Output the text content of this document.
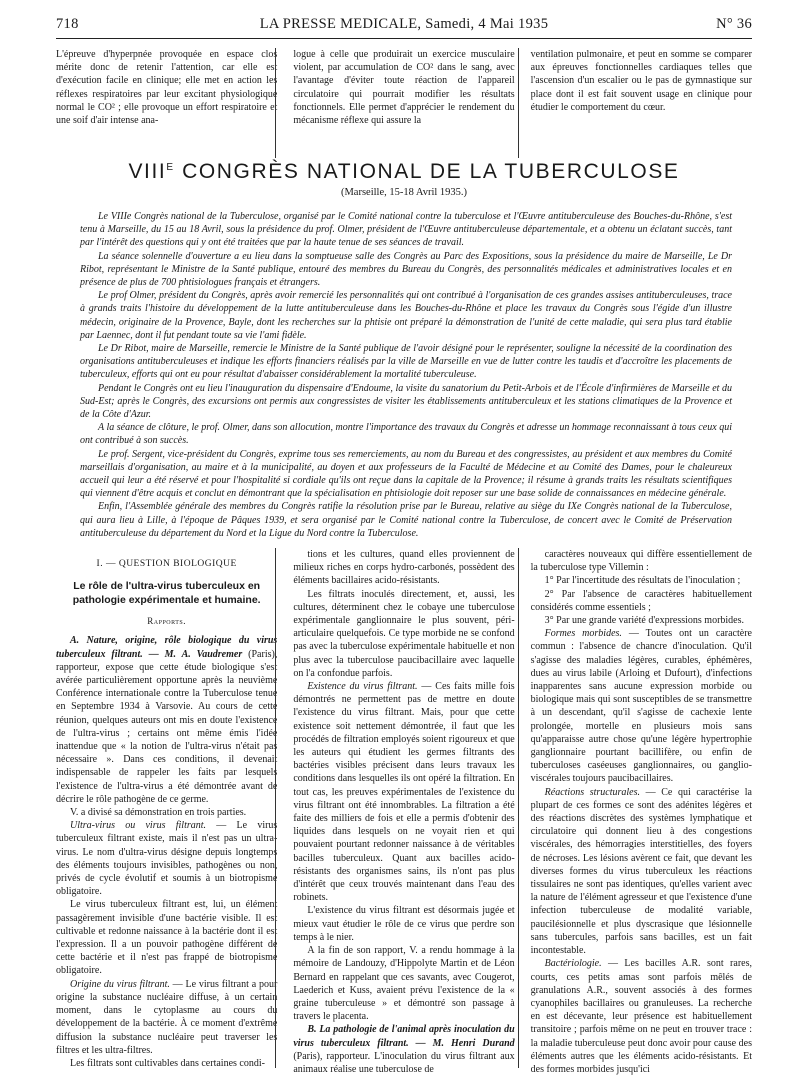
718	LA PRESSE MEDICALE, Samedi, 4 Mai 1935	N° 36
L'épreuve d'hyperpnée provoquée en espace clos mérite donc de retenir l'attention, car elle est d'exécution facile en clinique; elle met en action les réflexes respiratoires par leur excitant physiologique normal le CO² ; elle provoque un effort respiratoire et une soif d'air intense ana-
logue à celle que produirait un exercice musculaire violent, par accumulation de CO² dans le sang, avec l'avantage d'éviter toute réaction de l'appareil circulatoire qui pourrait modifier les résultats fonctionnels. Elle permet d'apprécier le rendement du mécanisme réflexe qui assure la
ventilation pulmonaire, et peut en somme se comparer aux épreuves fonctionnelles cardiaques telles que l'ascension d'un escalier ou le pas de gymnastique sur place dont il est fait souvent usage en clinique pour étudier le comportement du cœur.
$VIII^E$ CONGRÈS NATIONAL DE LA TUBERCULOSE
(Marseille, 15-18 Avril 1935.)

Le VIIIe Congrès national de la Tuberculose, organisé par le Comité national contre la tuberculose et l'Œuvre antituberculeuse des Bouches-du-Rhône, s'est tenu à Marseille, du 15 au 18 Avril, sous la présidence du prof. Olmer, président de l'Œuvre antituberculeuse départementale, et a obtenu un éclatant succès, tant par l'intérêt des questions qui y ont été traitées que par la haute tenue de ses séances de travail.

La séance solennelle d'ouverture a eu lieu dans la somptueuse salle des Congrès au Parc des Expositions, sous la présidence du maire de Marseille, Le Dr Ribot, représentant le Ministre de la Santé publique, entouré des membres du Bureau du Congrès, des personnalités médicales et administratives locales et en présence de plus de 700 phtisiologues français et étrangers.

Le prof Olmer, président du Congrès, après avoir remercié les personnalités qui ont contribué à l'organisation de ces grandes assises antituberculeuses, trace à grands traits l'histoire du développement de la lutte antituberculeuse dans les Bouches-du-Rhône et place les travaux du Congrès sous l'égide d'un illustre médecin, originaire de la Provence, Bayle, dont les recherches sur la phtisie ont préparé la démonstration de l'unité de cette maladie, qui sera plus tard établie par Laennec, dont il fut pendant toute sa vie l'ami fidèle.

Le Dr Ribot, maire de Marseille, remercie le Ministre de la Santé publique de l'avoir désigné pour le représenter, souligne la nécessité de la coordination des organisations antituberculeuses et indique les efforts financiers réalisés par la ville de Marseille en vue de lutter contre les taudis et d'accroître les placements de tuberculeux, efforts qui ont eu pour résultat d'abaisser considérablement la mortalité tuberculeuse.

Pendant le Congrès ont eu lieu l'inauguration du dispensaire d'Endoume, la visite du sanatorium du Petit-Arbois et de l'École d'infirmières de Marseille et du Sud-Est; après le Congrès, des excursions ont permis aux congressistes de visiter les établissements antituberculeux et les stations climatiques de la Provence et de la Côte d'Azur.

A la séance de clôture, le prof. Olmer, dans son allocution, montre l'importance des travaux du Congrès et adresse un hommage reconnaissant à tous ceux qui ont contribué à son succès.

Le prof. Sergent, vice-président du Congrès, exprime tous ses remerciements, au nom du Bureau et des congressistes, au président et aux membres du Comité marseillais d'organisation, au maire et à la municipalité, au doyen et aux professeurs de la Faculté de Médecine et au Comité des Dames, pour le chaleureux accueil qui leur a été réservé et pour l'hospitalité si cordiale qu'ils ont reçue dans la capitale de la Provence; il résume à grands traits les résultats scientifiques qui viennent d'être acquis et conclut en démontrant que la spécialisation en phtisiologie doit reposer sur une base solide de connaissances en médecine générale.

Enfin, l'Assemblée générale des membres du Congrès ratifie la résolution prise par le Bureau, relative au siège du IXe Congrès national de la Tuberculose, qui aura lieu à Lille, à l'époque de Pâques 1939, et sera organisé par le Comité national contre la Tuberculose, de concert avec le Comité de Préservation antituberculeuse du département du Nord et la Ligue du Nord contre la Tuberculose.

I. — QUESTION BIOLOGIQUE
Le rôle de l'ultra-virus tuberculeux en pathologie expérimentale et humaine.
Rapports.

A. Nature, origine, rôle biologique du virus tuberculeux filtrant. — M. A. Vaudremer (Paris), rapporteur, expose que cette étude biologique s'est avérée particulièrement opportune après la neuvième Conférence internationale contre la Tuberculose tenue en Septembre 1934 à Varsovie. Au cours de cette réunion, quelques auteurs ont mis en doute l'existence de l'ultra-virus ; certains ont même émis l'idée inattendue que « la notion de l'ultra-virus n'était pas nécessaire ». Dans ces conditions, il devenait indispensable de rappeler les faits par lesquels l'existence de l'ultra-virus a été démontrée avant de décrire le rôle pathogène de ce germe.

V. a divisé sa démonstration en trois parties.

Ultra-virus ou virus filtrant. — Le virus tuberculeux filtrant existe, mais il n'est pas un ultra-virus. Le nom d'ultra-virus désigne depuis longtemps des éléments toujours invisibles, pathogènes ou non, privés de cycle évolutif et soumis à un biotropisme obligatoire.

Le virus tuberculeux filtrant est, lui, un élément passagèrement invisible d'une bactérie visible. Il est cultivable et redonne naissance à la bactérie dont il est l'expression. Il a un pouvoir pathogène différent de cette bactérie et il n'est pas frappé de biotropisme obligatoire.

Origine du virus filtrant. — Le virus filtrant a pour origine la substance nucléaire diffuse, à un certain moment, dans le cytoplasme au cours du développement de la bactérie. À ce moment d'extrême diffusion la substance nucléaire peut traverser les filtres et les ultra-filtres.

Les filtrats sont cultivables dans certaines condi-

tions et les cultures, quand elles proviennent de milieux riches en corps hydro-carbonés, possèdent des éléments bacillaires acido-résistants.

Les filtrats inoculés directement, et, aussi, les cultures, déterminent chez le cobaye une tuberculose expérimentale ganglionnaire le plus souvent, péri-articulaire quelquefois. Ce type morbide ne se confond pas avec la tuberculose expérimentale habituelle et non plus avec la tuberculose paucibacillaire avec laquelle on l'a confondue parfois.

Existence du virus filtrant. — Ces faits mille fois démontrés ne permettent pas de mettre en doute l'existence du virus filtrant. Mais, pour que cette existence soit nettement démontrée, il faut que les procédés de filtration employés soient rigoureux et que les auteurs qui étudient les germes filtrants des bactéries visibles précisent dans leurs travaux les conditions dans lesquelles ils ont opéré la filtration. En tout cas, les preuves expérimentales de l'existence du virus filtrant ont été innombrables. La filtration a été faite des milliers de fois et elle a permis d'obtenir des liquides dans lesquels on ne voyait rien et qui pouvaient pourtant redonner naissance à de véritables bacilles tuberculeux. Quant aux bacilles acido-résistants des organismes sains, ils n'ont pas plus d'intérêt que ceux trouvés maintenant dans l'eau des robinets.

L'existence du virus filtrant est désormais jugée et mieux vaut étudier le rôle de ce virus que perdre son temps à le nier.

A la fin de son rapport, V. a rendu hommage à la mémoire de Landouzy, d'Hippolyte Martin et de Léon Bernard en rappelant que ces savants, avec Cougerot, Laederich et Kuss, avaient prévu l'existence de la « graine tuberculeuse » et démontré son passage à travers le placenta.

B. La pathologie de l'animal après inoculation du virus tuberculeux filtrant. — M. Henri Durand (Paris), rapporteur. L'inoculation du virus filtrant aux animaux réalise une tuberculose de

caractères nouveaux qui diffère essentiellement de la tuberculose type Villemin :

1° Par l'incertitude des résultats de l'inoculation ;

2° Par l'absence de caractères habituellement considérés comme essentiels ;

3° Par une grande variété d'expressions morbides.

Formes morbides. — Toutes ont un caractère commun : l'absence de chancre d'inoculation. Qu'il s'agisse des maladies légères, curables, éphémères, dues au virus labile (Arloing et Dufourt), d'infections inapparentes sans aucune expression morbide ou biologique mais qui sont susceptibles de se transmettre à un descendant, qu'il s'agisse de cachexie lente prolongée, mortelle en plusieurs mois sans qu'apparaisse autre chose qu'une légère hypertrophie ganglionnaire pourtant bacillifère, ou enfin de tuberculoses caséeuses ganglionnaires, ou ganglio-viscérales toujours paucibacillaires.

Réactions structurales. — Ce qui caractérise la plupart de ces formes ce sont des adénites légères et des réactions discrètes des systèmes lymphatique et circulatoire qui donnent lieu à des congestions viscérales, des hémorragies interstitielles, des foyers de nécroses. Les lésions avèrent ce fait, que devant les diverses formes du virus tuberculeux les réactions tissulaires ne sont pas identiques, qu'elles varient avec la nature de l'élément agresseur et que l'existence d'une infection tuberculeuse de modalité variable, paucilésionnelle et plus dyscrasique que lésionnelle sans tubercules, parfois sans bacilles, est un fait incontestable.

Bactériologie. — Les bacilles A.R. sont rares, courts, ces petits amas sont parfois mêlés de granulations A.R., souvent associés à des formes cyanophiles bacillaires ou granuleuses. La recherche en est décevante, leur présence est habituellement transitoire ; parfois même on ne peut en trouver trace : la maladie tuberculeuse peut donc avoir pour cause des éléments autres que les éléments acido-résistants. Et des formes morbides jusqu'ici
